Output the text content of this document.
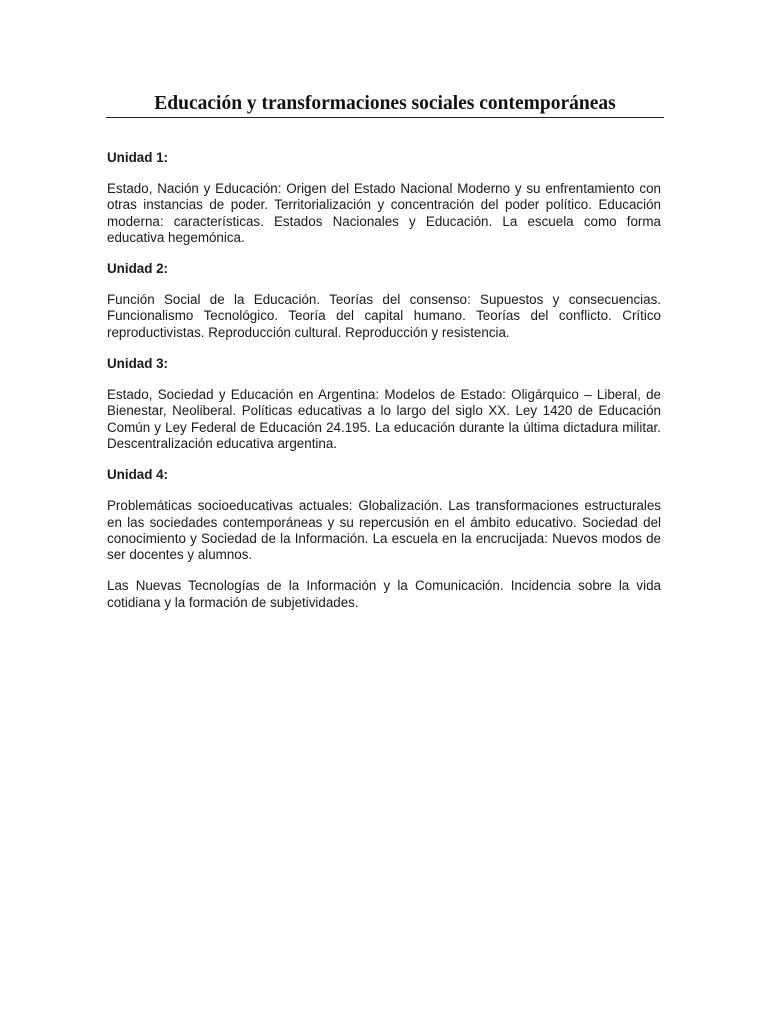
Educación y transformaciones sociales contemporáneas

Unidad 1:

Estado, Nación y Educación: Origen del Estado Nacional Moderno y su enfrentamiento con otras instancias de poder. Territorialización y concentración del poder político. Educación moderna: características. Estados Nacionales y Educación. La escuela como forma educativa hegemónica.

Unidad 2:

Función Social de la Educación. Teorías del consenso: Supuestos y consecuencias. Funcionalismo Tecnológico. Teoría del capital humano. Teorías del conflicto. Crítico reproductivistas. Reproducción cultural. Reproducción y resistencia.

Unidad 3:

Estado, Sociedad y Educación en Argentina: Modelos de Estado: Oligárquico – Liberal, de Bienestar, Neoliberal. Políticas educativas a lo largo del siglo XX. Ley 1420 de Educación Común y Ley Federal de Educación 24.195. La educación durante la última dictadura militar. Descentralización educativa argentina.

Unidad 4:

Problemáticas socioeducativas actuales: Globalización. Las transformaciones estructurales en las sociedades contemporáneas y su repercusión en el ámbito educativo. Sociedad del conocimiento y Sociedad de la Información. La escuela en la encrucijada: Nuevos modos de ser docentes y alumnos.

Las Nuevas Tecnologías de la Información y la Comunicación. Incidencia sobre la vida cotidiana y la formación de subjetividades.
